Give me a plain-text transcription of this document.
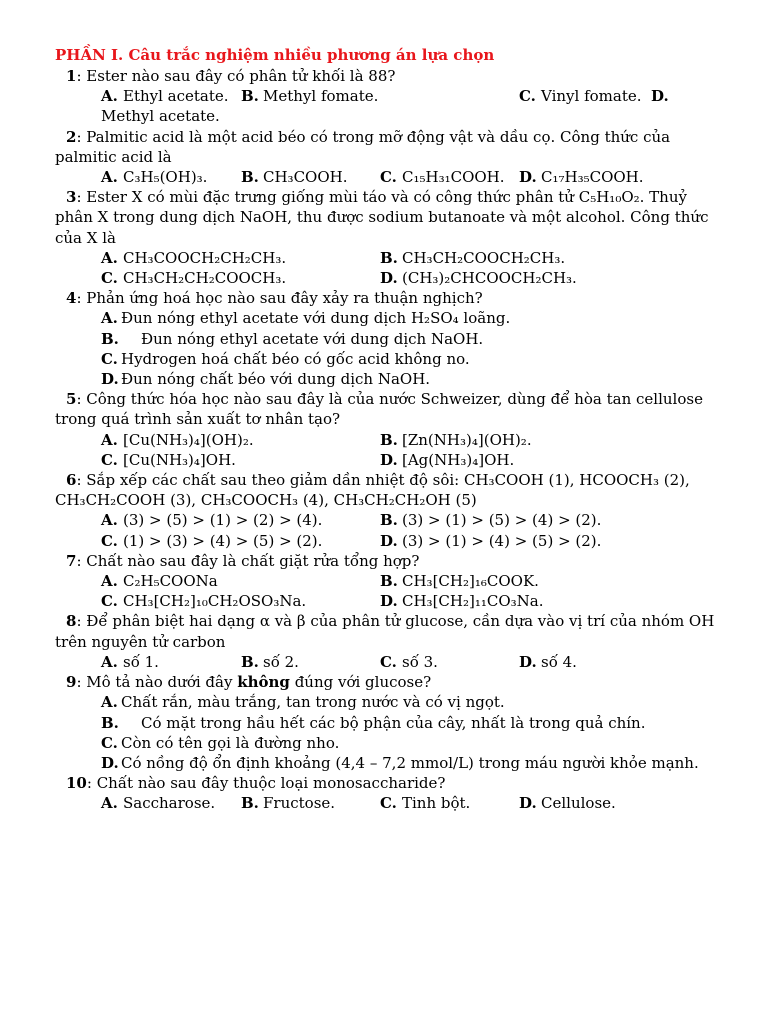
PHẦN I. Câu trắc nghiệm nhiều phương án lựa chọn

1: Ester nào sau đây có phân tử khối là 88?

A. Ethyl acetate. B. Methyl fomate.	C. Vinyl fomate. D.
Methyl acetate.

2: Palmitic acid là một acid béo có trong mỡ động vật và dầu cọ. Công thức của palmitic acid là

A. C₃H₅(OH)₃. B. CH₃COOH. C. C₁₅H₃₁COOH. D. C₁₇H₃₅COOH.

3: Ester X có mùi đặc trưng giống mùi táo và có công thức phân tử C₅H₁₀O₂. Thuỷ phân X trong dung dịch NaOH, thu được sodium butanoate và một alcohol. Công thức của X là

A. CH₃COOCH₂CH₂CH₃.	B. CH₃CH₂COOCH₂CH₃.
C. CH₃CH₂CH₂COOCH₃.	D. (CH₃)₂CHCOOCH₂CH₃.

4: Phản ứng hoá học nào sau đây xảy ra thuận nghịch?

A. Đun nóng ethyl acetate với dung dịch H₂SO₄ loãng.
B. Đun nóng ethyl acetate với dung dịch NaOH.
C. Hydrogen hoá chất béo có gốc acid không no.
D. Đun nóng chất béo với dung dịch NaOH.

5: Công thức hóa học nào sau đây là của nước Schweizer, dùng để hòa tan cellulose trong quá trình sản xuất tơ nhân tạo?

A. [Cu(NH₃)₄](OH)₂.	B. [Zn(NH₃)₄](OH)₂.
C. [Cu(NH₃)₄]OH.	D. [Ag(NH₃)₄]OH.

6: Sắp xếp các chất sau theo giảm dần nhiệt độ sôi: CH₃COOH (1), HCOOCH₃ (2), CH₃CH₂COOH (3), CH₃COOCH₃ (4), CH₃CH₂CH₂OH (5)

A. (3) > (5) > (1) > (2) > (4).	B. (3) > (1) > (5) > (4) > (2).
C. (1) > (3) > (4) > (5) > (2).	D. (3) > (1) > (4) > (5) > (2).

7: Chất nào sau đây là chất giặt rửa tổng hợp?

A. C₂H₅COONa	B. CH₃[CH₂]₁₆COOK.
C. CH₃[CH₂]₁₀CH₂OSO₃Na.	D. CH₃[CH₂]₁₁CO₃Na.

8: Để phân biệt hai dạng α và β của phân tử glucose, cần dựa vào vị trí của nhóm OH trên nguyên tử carbon

A. số 1.	B. số 2.	C. số 3.	D. số 4.

9: Mô tả nào dưới đây không đúng với glucose?

A. Chất rắn, màu trắng, tan trong nước và có vị ngọt.
B. Có mặt trong hầu hết các bộ phận của cây, nhất là trong quả chín.
C. Còn có tên gọi là đường nho.
D. Có nồng độ ổn định khoảng (4,4 – 7,2 mmol/L) trong máu người khỏe mạnh.

10: Chất nào sau đây thuộc loại monosaccharide?

A. Saccharose. B. Fructose.	C. Tinh bột.	D. Cellulose.
